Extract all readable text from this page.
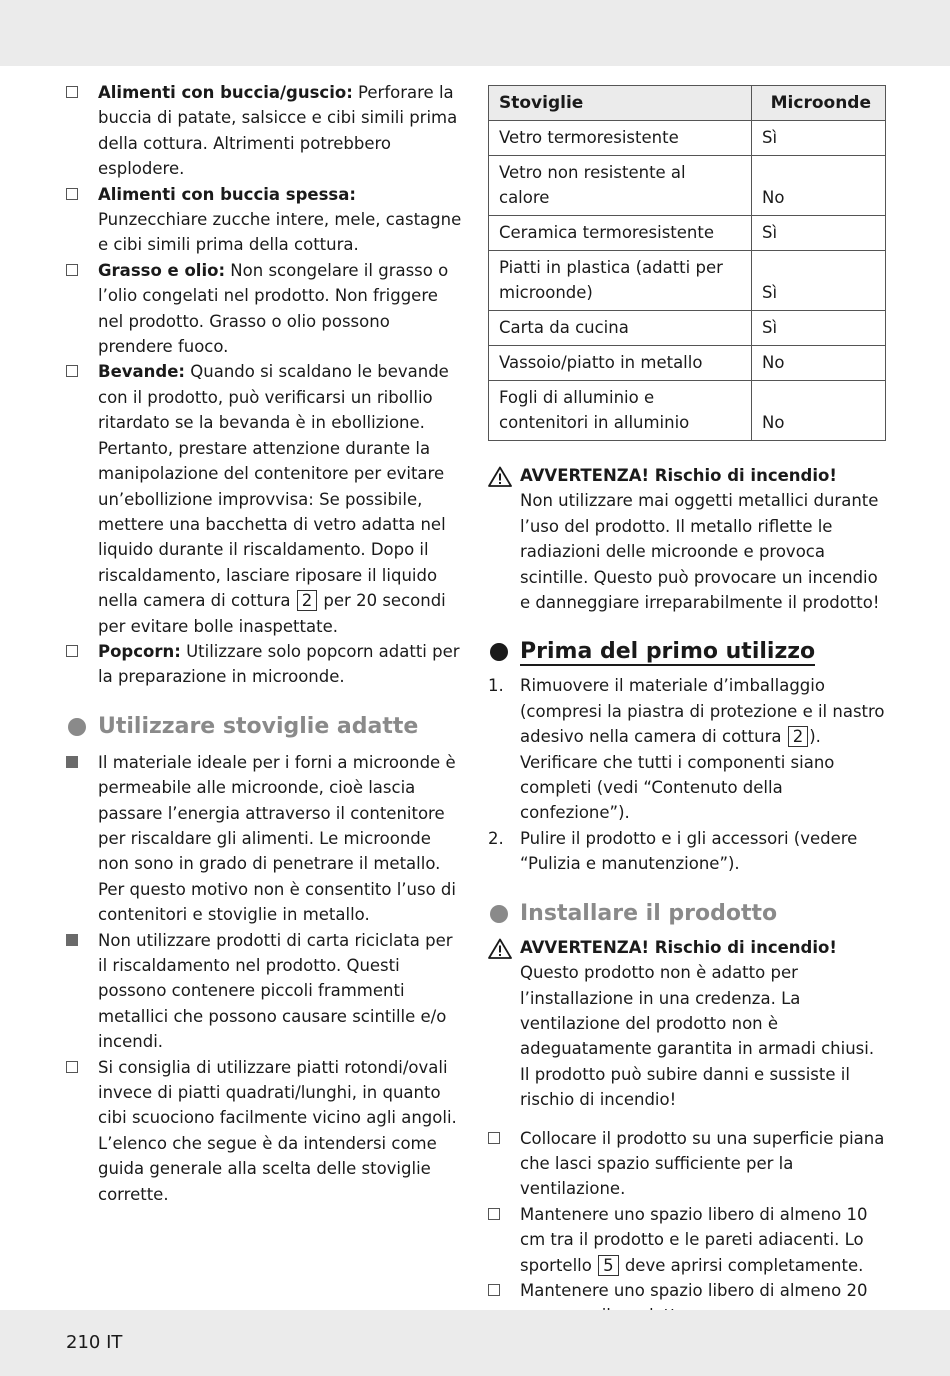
Alimenti con buccia/guscio: Perforare la buccia di patate, salsicce e cibi simili prima della cottura. Altrimenti potrebbero esplodere.
Alimenti con buccia spessa: Punzecchiare zucche intere, mele, castagne e cibi simili prima della cottura.
Grasso e olio: Non scongelare il grasso o l’olio congelati nel prodotto. Non friggere nel prodotto. Grasso o olio possono prendere fuoco.
Bevande: Quando si scaldano le bevande con il prodotto, può verificarsi un ribollio ritardato se la bevanda è in ebollizione. Pertanto, prestare attenzione durante la manipolazione del contenitore per evitare un’ebollizione improvvisa: Se possibile, mettere una bacchetta di vetro adatta nel liquido durante il riscaldamento. Dopo il riscaldamento, lasciare riposare il liquido nella camera di cottura 2 per 20 secondi per evitare bolle inaspettate.
Popcorn: Utilizzare solo popcorn adatti per la preparazione in microonde.
Utilizzare stoviglie adatte
Il materiale ideale per i forni a microonde è permeabile alle microonde, cioè lascia passare l’energia attraverso il contenitore per riscaldare gli alimenti. Le microonde non sono in grado di penetrare il metallo. Per questo motivo non è consentito l’uso di contenitori e stoviglie in metallo.
Non utilizzare prodotti di carta riciclata per il riscaldamento nel prodotto. Questi possono contenere piccoli frammenti metallici che possono causare scintille e/o incendi.
Si consiglia di utilizzare piatti rotondi/ovali invece di piatti quadrati/lunghi, in quanto cibi scuociono facilmente vicino agli angoli. L’elenco che segue è da intendersi come guida generale alla scelta delle stoviglie corrette.
Stoviglie	Microonde
Vetro termoresistente	Sì
Vetro non resistente al calore	No
Ceramica termoresistente	Sì
Piatti in plastica (adatti per microonde)	Sì
Carta da cucina	Sì
Vassoio/piatto in metallo	No
Fogli di alluminio e contenitori in alluminio	No
AVVERTENZA! Rischio di incendio!
Non utilizzare mai oggetti metallici durante l’uso del prodotto. Il metallo riflette le radiazioni delle microonde e provoca scintille. Questo può provocare un incendio e danneggiare irreparabilmente il prodotto!
Prima del primo utilizzo
1. Rimuovere il materiale d’imballaggio (compresi la piastra di protezione e il nastro adesivo nella camera di cottura 2 ). Verificare che tutti i componenti siano completi (vedi “Contenuto della confezione”).
2. Pulire il prodotto e i gli accessori (vedere “Pulizia e manutenzione”).
Installare il prodotto
AVVERTENZA! Rischio di incendio!
Questo prodotto non è adatto per l’installazione in una credenza. La ventilazione del prodotto non è adeguatamente garantita in armadi chiusi. Il prodotto può subire danni e sussiste il rischio di incendio!
Collocare il prodotto su una superficie piana che lasci spazio sufficiente per la ventilazione.
Mantenere uno spazio libero di almeno 10 cm tra il prodotto e le pareti adiacenti. Lo sportello 5 deve aprirsi completamente.
Mantenere uno spazio libero di almeno 20
210 IT
